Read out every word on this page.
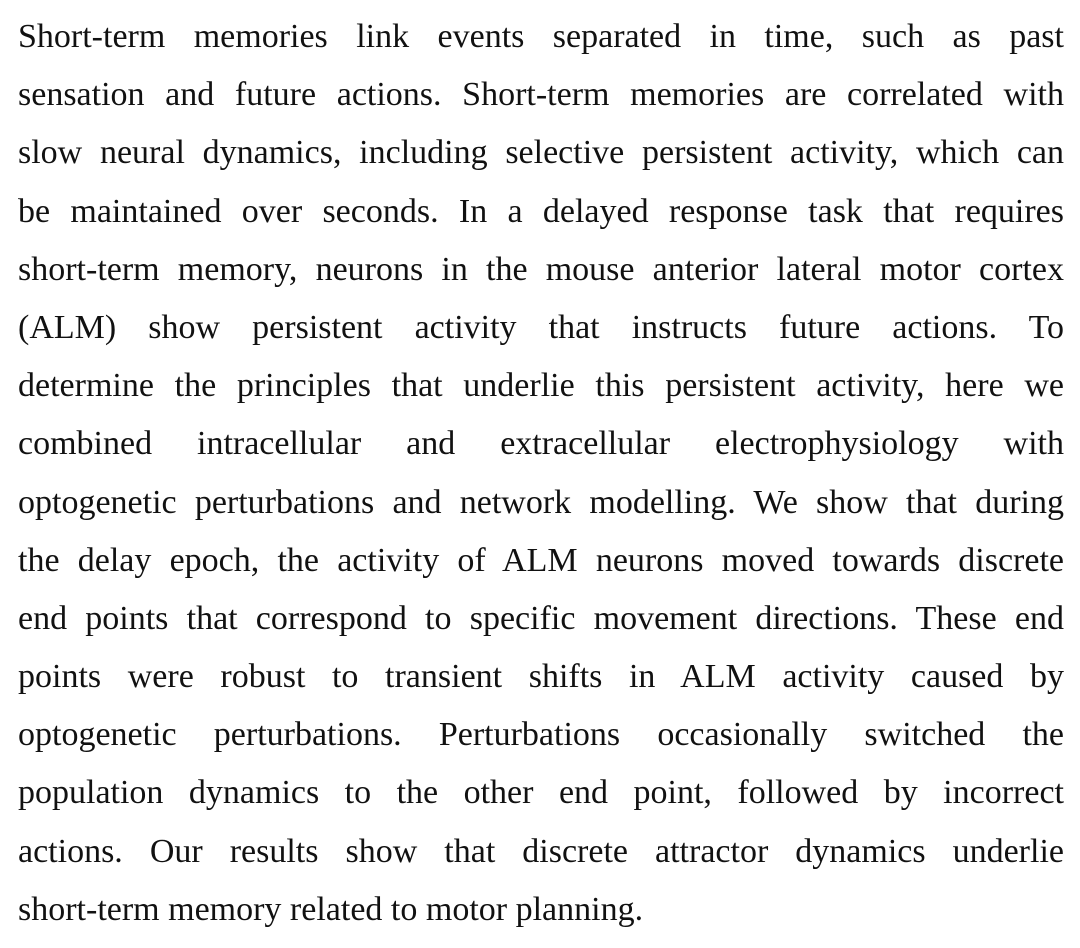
Short-term memories link events separated in time, such as past
sensation and future actions. Short-term memories are correlated with
slow neural dynamics, including selective persistent activity, which can
be maintained over seconds. In a delayed response task that requires
short-term memory, neurons in the mouse anterior lateral motor cortex
(ALM) show persistent activity that instructs future actions. To
determine the principles that underlie this persistent activity, here we
combined intracellular and extracellular electrophysiology with
optogenetic perturbations and network modelling. We show that during
the delay epoch, the activity of ALM neurons moved towards discrete
end points that correspond to specific movement directions. These end
points were robust to transient shifts in ALM activity caused by
optogenetic perturbations. Perturbations occasionally switched the
population dynamics to the other end point, followed by incorrect
actions. Our results show that discrete attractor dynamics underlie
short-term memory related to motor planning.
